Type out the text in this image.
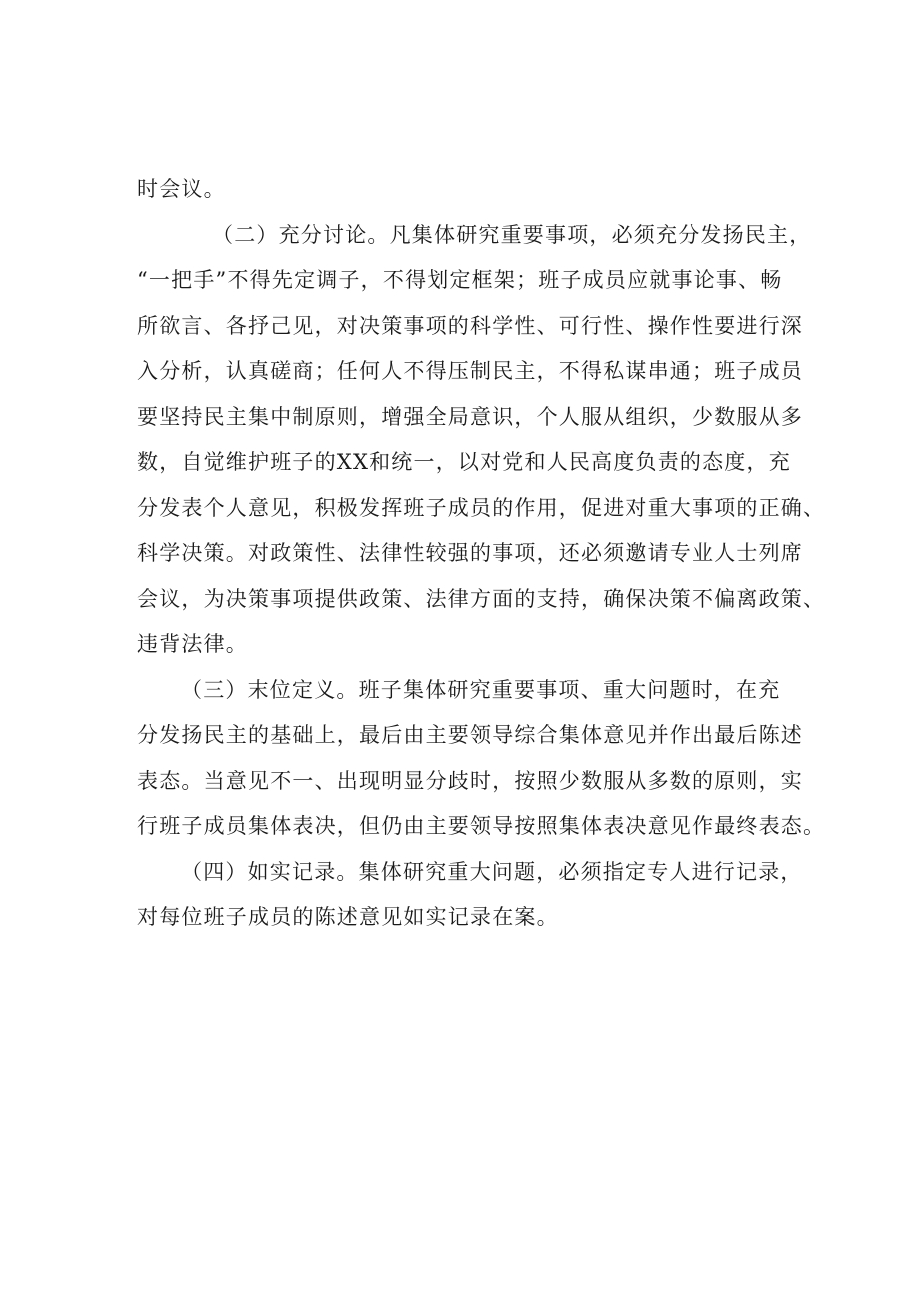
时会议。
（二）充分讨论。凡集体研究重要事项，必须充分发扬民主，
“一把手”不得先定调子，不得划定框架；班子成员应就事论事、畅
所欲言、各抒己见，对决策事项的科学性、可行性、操作性要进行深
入分析，认真磋商；任何人不得压制民主，不得私谋串通；班子成员
要坚持民主集中制原则，增强全局意识，个人服从组织，少数服从多
数，自觉维护班子的XX和统一，以对党和人民高度负责的态度，充
分发表个人意见，积极发挥班子成员的作用，促进对重大事项的正确、
科学决策。对政策性、法律性较强的事项，还必须邀请专业人士列席
会议，为决策事项提供政策、法律方面的支持，确保决策不偏离政策、
违背法律。
（三）末位定义。班子集体研究重要事项、重大问题时，在充
分发扬民主的基础上，最后由主要领导综合集体意见并作出最后陈述
表态。当意见不一、出现明显分歧时，按照少数服从多数的原则，实
行班子成员集体表决，但仍由主要领导按照集体表决意见作最终表态。
（四）如实记录。集体研究重大问题，必须指定专人进行记录，
对每位班子成员的陈述意见如实记录在案。
